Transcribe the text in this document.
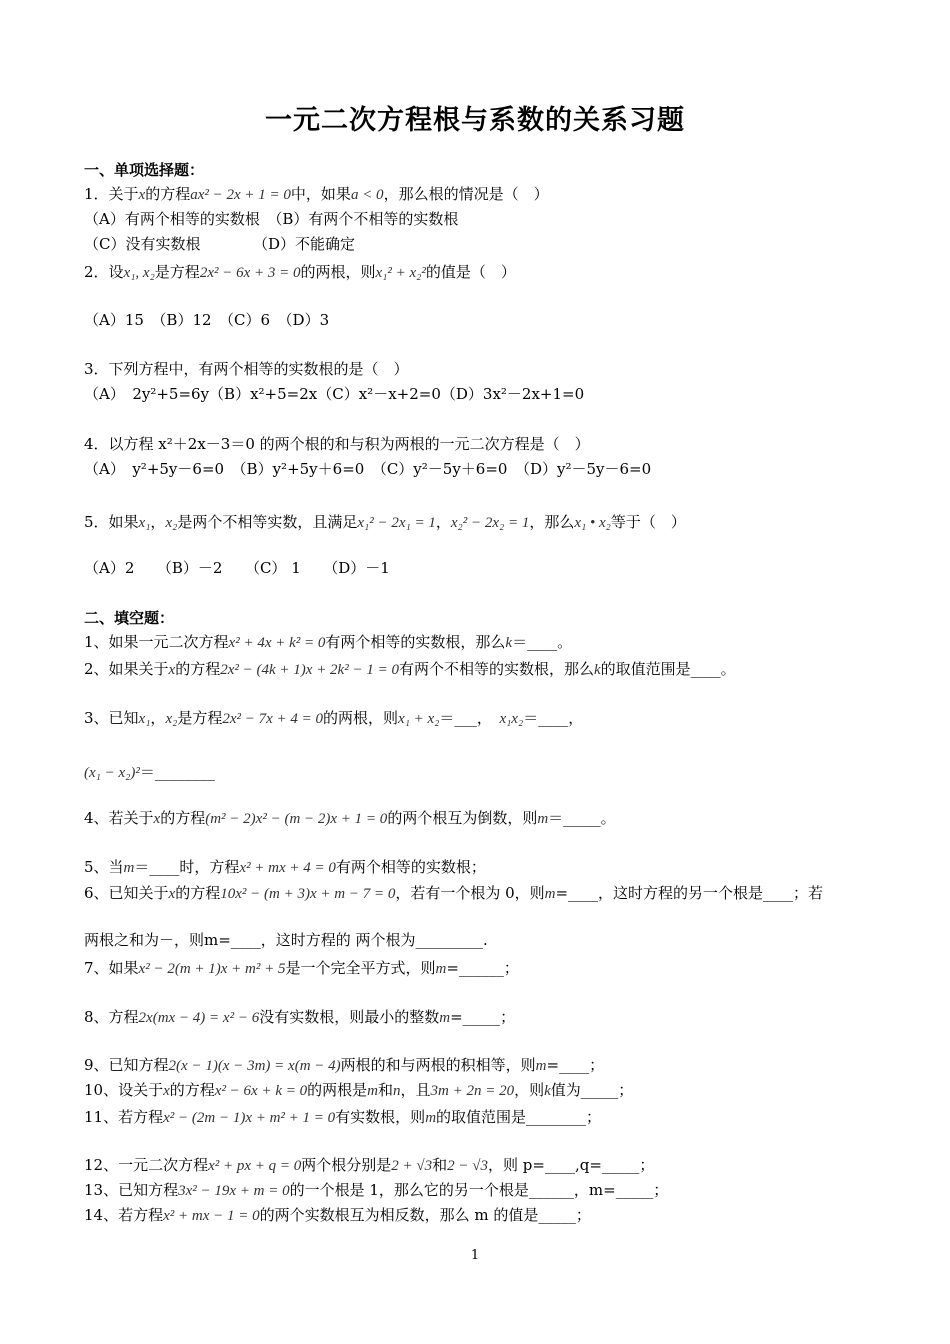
一元二次方程根与系数的关系习题
一、单项选择题：
1．关于x的方程ax² − 2x + 1 = 0中，如果a < 0，那么根的情况是（　）
（A）有两个相等的实数根　（B）有两个不相等的实数根
（C）没有实数根　　　　（D）不能确定
2．设x₁, x₂是方程2x² − 6x + 3 = 0的两根，则x₁² + x₂²的值是（　）
（A）15　（B）12　（C）6　（D）3
3．下列方程中，有两个相等的实数根的是（　）
（A）　2y²+5=6y（B）x²+5=2x（C）x²－x+2=0（D）3x²－2x+1=0
4．以方程 x²＋2x－3＝0 的两个根的和与积为两根的一元二次方程是（　）
（A）　y²+5y－6=0　（B）y²+5y＋6=0　（C）y²－5y＋6=0　（D）y²－5y－6=0
5．如果x₁，x₂是两个不相等实数，且满足x₁² − 2x₁ = 1，x₂² − 2x₂ = 1，那么x₁ • x₂等于（　）
（A）2　　（B）－2　　（C） 1　　（D）－1
二、填空题：
1、如果一元二次方程x² + 4x + k² = 0有两个相等的实数根，那么k＝____。
2、如果关于x的方程2x² − (4k + 1)x + 2k² − 1 = 0有两个不相等的实数根，那么k的取值范围是____。
3、已知x₁，x₂是方程2x² − 7x + 4 = 0的两根，则x₁ + x₂＝___，　 x₁x₂＝____，
(x₁ − x₂)²＝________
4、若关于x的方程(m² − 2)x² − (m − 2)x + 1 = 0的两个根互为倒数，则m＝_____。
5、当m＝____时，方程x² + mx + 4 = 0有两个相等的实数根；
6、已知关于x的方程10x² − (m + 3)x + m − 7 = 0，若有一个根为 0，则m=____，这时方程的另一个根是____；若
两根之和为－，则m=____，这时方程的 两个根为_________.
7、如果x² − 2(m + 1)x + m² + 5是一个完全平方式，则m=______；
8、方程2x(mx − 4) = x² − 6没有实数根，则最小的整数m=_____；
9、已知方程2(x − 1)(x − 3m) = x(m − 4)两根的和与两根的积相等，则m=____；
10、设关于x的方程x² − 6x + k = 0的两根是m和n，且3m + 2n = 20，则k值为_____；
11、若方程x² − (2m − 1)x + m² + 1 = 0有实数根，则m的取值范围是________；
12、一元二次方程x² + px + q = 0两个根分别是2 + √3和2 − √3，则 p=____,q=_____；
13、已知方程3x² − 19x + m = 0的一个根是 1，那么它的另一个根是______，m=_____；
14、若方程x² + mx − 1 = 0的两个实数根互为相反数，那么 m 的值是_____；
1
